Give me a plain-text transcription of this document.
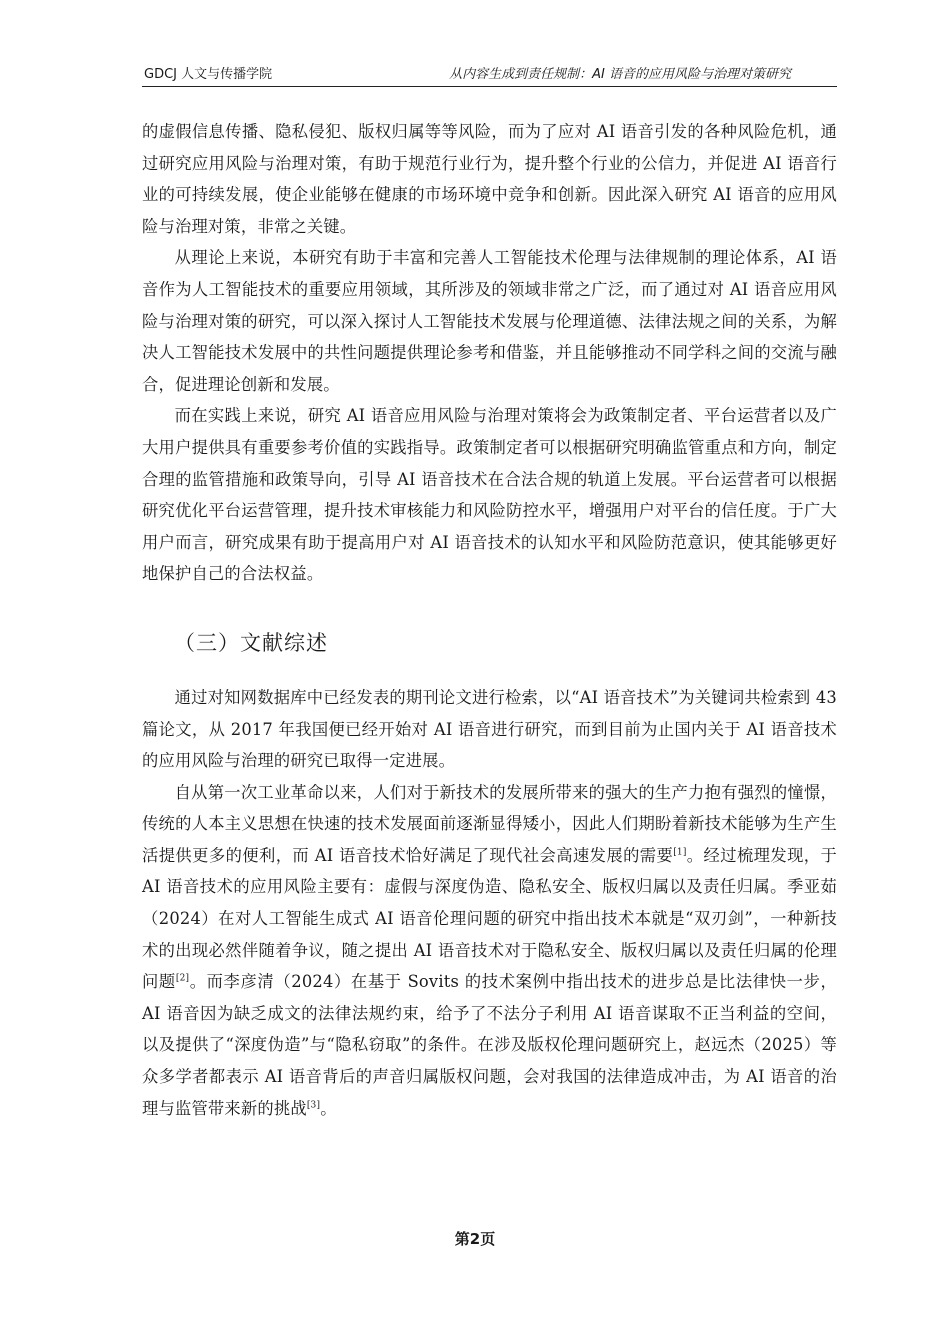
GDCJ 人文与传播学院	从内容生成到责任规制：AI 语音的应用风险与治理对策研究

的虚假信息传播、隐私侵犯、版权归属等等风险，而为了应对 AI 语音引发的各种风险危机，通过研究应用风险与治理对策，有助于规范行业行为，提升整个行业的公信力，并促进 AI 语音行业的可持续发展，使企业能够在健康的市场环境中竞争和创新。因此深入研究 AI 语音的应用风险与治理对策，非常之关键。

从理论上来说，本研究有助于丰富和完善人工智能技术伦理与法律规制的理论体系，AI 语音作为人工智能技术的重要应用领域，其所涉及的领域非常之广泛，而了通过对 AI 语音应用风险与治理对策的研究，可以深入探讨人工智能技术发展与伦理道德、法律法规之间的关系，为解决人工智能技术发展中的共性问题提供理论参考和借鉴，并且能够推动不同学科之间的交流与融合，促进理论创新和发展。

而在实践上来说，研究 AI 语音应用风险与治理对策将会为政策制定者、平台运营者以及广大用户提供具有重要参考价值的实践指导。政策制定者可以根据研究明确监管重点和方向，制定合理的监管措施和政策导向，引导 AI 语音技术在合法合规的轨道上发展。平台运营者可以根据研究优化平台运营管理，提升技术审核能力和风险防控水平，增强用户对平台的信任度。于广大用户而言，研究成果有助于提高用户对 AI 语音技术的认知水平和风险防范意识，使其能够更好地保护自己的合法权益。

（三）文献综述

通过对知网数据库中已经发表的期刊论文进行检索，以“AI 语音技术”为关键词共检索到 43 篇论文，从 2017 年我国便已经开始对 AI 语音进行研究，而到目前为止国内关于 AI 语音技术的应用风险与治理的研究已取得一定进展。

自从第一次工业革命以来，人们对于新技术的发展所带来的强大的生产力抱有强烈的憧憬，传统的人本主义思想在快速的技术发展面前逐渐显得矮小，因此人们期盼着新技术能够为生产生活提供更多的便利，而 AI 语音技术恰好满足了现代社会高速发展的需要[1]。经过梳理发现，于 AI 语音技术的应用风险主要有：虚假与深度伪造、隐私安全、版权归属以及责任归属。季亚茹（2024）在对人工智能生成式 AI 语音伦理问题的研究中指出技术本就是“双刃剑”，一种新技术的出现必然伴随着争议，随之提出 AI 语音技术对于隐私安全、版权归属以及责任归属的伦理问题[2]。而李彦清（2024）在基于 Sovits 的技术案例中指出技术的进步总是比法律快一步，AI 语音因为缺乏成文的法律法规约束，给予了不法分子利用 AI 语音谋取不正当利益的空间，以及提供了“深度伪造”与“隐私窃取”的条件。在涉及版权伦理问题研究上，赵远杰（2025）等众多学者都表示 AI 语音背后的声音归属版权问题，会对我国的法律造成冲击，为 AI 语音的治理与监管带来新的挑战[3]。

第2页
